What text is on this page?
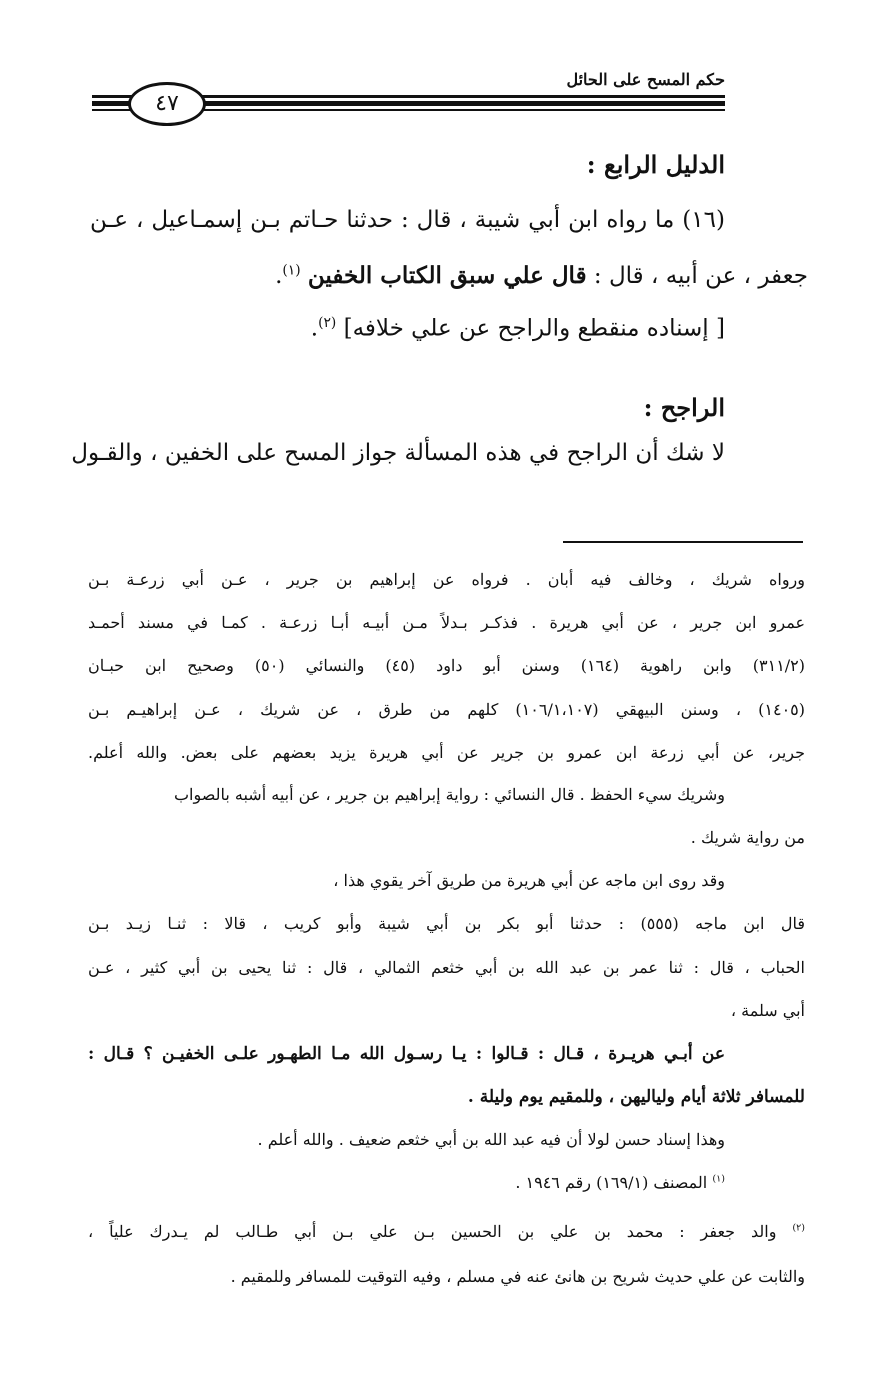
حكم المسح على الحائل
٤٧
الدليل الرابع :
(١٦) ما رواه ابن أبي شيبة ، قال : حدثنا حـاتم بـن إسمـاعيل ، عـن
جعفر ، عن أبيه ، قال : قال علي سبق الكتاب الخفين $^{(١)}$.
[ إسناده منقطع والراجح عن علي خلافه] $^{(٢)}$.
الراجح :
لا شك أن الراجح في هذه المسألة جواز المسح على الخفين ، والقـول
ورواه شريك ، وخالف فيه أبان . فرواه عن إبراهيم بن جرير ، عـن أبي زرعـة بـن
عمرو ابن جرير ، عن أبي هريرة . فذكـر بـدلاً مـن أبيـه أبـا زرعـة . كمـا في مسند أحمـد
(٣١١/٢) وابن راهوية (١٦٤) وسنن أبو داود (٤٥) والنسائي (٥٠) وصحيح ابن حبـان
(١٤٠٥) ، وسنن البيهقي (١٠٦/١،١٠٧) كلهم من طرق ، عن شريك ، عـن إبراهيـم بـن
جرير، عن أبي زرعة ابن عمرو بن جرير عن أبي هريرة يزيد بعضهم على بعض. والله أعلم.
وشريك سيء الحفظ . قال النسائي : رواية إبراهيم بن جرير ، عن أبيه أشبه بالصواب
من رواية شريك .
وقد روى ابن ماجه عن أبي هريرة من طريق آخر يقوي هذا ،
قال ابن ماجه (٥٥٥) : حدثنا أبو بكر بن أبي شيبة وأبو كريب ، قالا : ثنـا زيـد بـن
الحباب ، قال : ثنا عمر بن عبد الله بن أبي خثعم الثمالي ، قال : ثنا يحيى بن أبي كثير ، عـن
أبي سلمة ،
عن أبـي هريـرة ، قـال : قـالوا : يـا رسـول الله مـا الطهـور علـى الخفيـن ؟ قـال :
للمسافر ثلاثة أيام ولياليهن ، وللمقيم يوم وليلة .
وهذا إسناد حسن لولا أن فيه عبد الله بن أبي خثعم ضعيف . والله أعلم .
$^{(١)}$ المصنف (١٦٩/١) رقم ١٩٤٦ .
$^{(٢)}$ والد جعفر : محمد بن علي بن الحسين بـن علي بـن أبي طـالب لم يـدرك علياً ،
والثابت عن علي حديث شريح بن هانئ عنه في مسلم ، وفيه التوقيت للمسافر وللمقيم .
